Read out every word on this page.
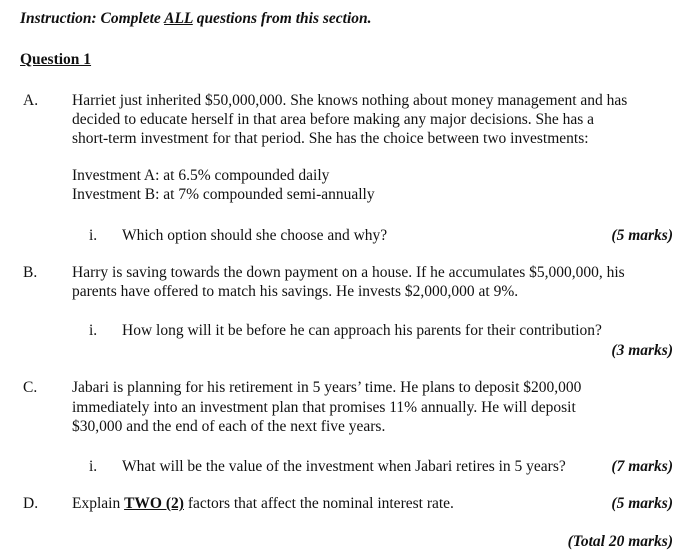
Instruction: Complete ALL questions from this section.
Question 1
A. Harriet just inherited $50,000,000. She knows nothing about money management and has
decided to educate herself in that area before making any major decisions. She has a
short-term investment for that period. She has the choice between two investments:
Investment A: at 6.5% compounded daily
Investment B: at 7% compounded semi-annually
i. Which option should she choose and why?	(5 marks)
B. Harry is saving towards the down payment on a house. If he accumulates $5,000,000, his
parents have offered to match his savings. He invests $2,000,000 at 9%.
i. How long will it be before he can approach his parents for their contribution?
(3 marks)
C. Jabari is planning for his retirement in 5 years’ time. He plans to deposit $200,000
immediately into an investment plan that promises 11% annually. He will deposit
$30,000 and the end of each of the next five years.
i. What will be the value of the investment when Jabari retires in 5 years?	(7 marks)
D. Explain TWO (2) factors that affect the nominal interest rate.	(5 marks)
(Total 20 marks)
